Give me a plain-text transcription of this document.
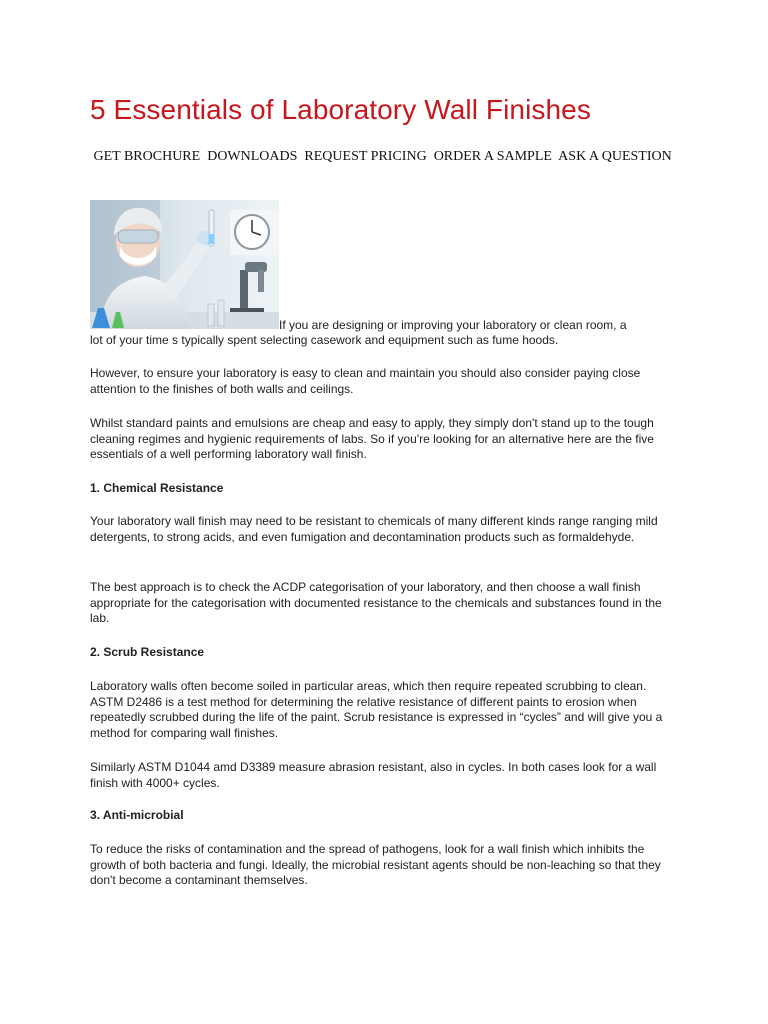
5 Essentials of Laboratory Wall Finishes

GET BROCHURE DOWNLOADS REQUEST PRICING ORDER A SAMPLE ASK A QUESTION

If you are designing or improving your laboratory or clean room, a

lot of your time s typically spent selecting casework and equipment such as fume hoods.

However, to ensure your laboratory is easy to clean and maintain you should also consider paying close attention to the finishes of both walls and ceilings.

Whilst standard paints and emulsions are cheap and easy to apply, they simply don't stand up to the tough cleaning regimes and hygienic requirements of labs. So if you're looking for an alternative here are the five essentials of a well performing laboratory wall finish.

1. Chemical Resistance

Your laboratory wall finish may need to be resistant to chemicals of many different kinds range ranging mild detergents, to strong acids, and even fumigation and decontamination products such as formaldehyde.

The best approach is to check the ACDP categorisation of your laboratory, and then choose a wall finish appropriate for the categorisation with documented resistance to the chemicals and substances found in the lab.

2. Scrub Resistance

Laboratory walls often become soiled in particular areas, which then require repeated scrubbing to clean. ASTM D2486 is a test method for determining the relative resistance of different paints to erosion when repeatedly scrubbed during the life of the paint. Scrub resistance is expressed in “cycles” and will give you a method for comparing wall finishes.

Similarly ASTM D1044 amd D3389 measure abrasion resistant, also in cycles. In both cases look for a wall finish with 4000+ cycles.

3. Anti-microbial

To reduce the risks of contamination and the spread of pathogens, look for a wall finish which inhibits the growth of both bacteria and fungi. Ideally, the microbial resistant agents should be non-leaching so that they don't become a contaminant themselves.
